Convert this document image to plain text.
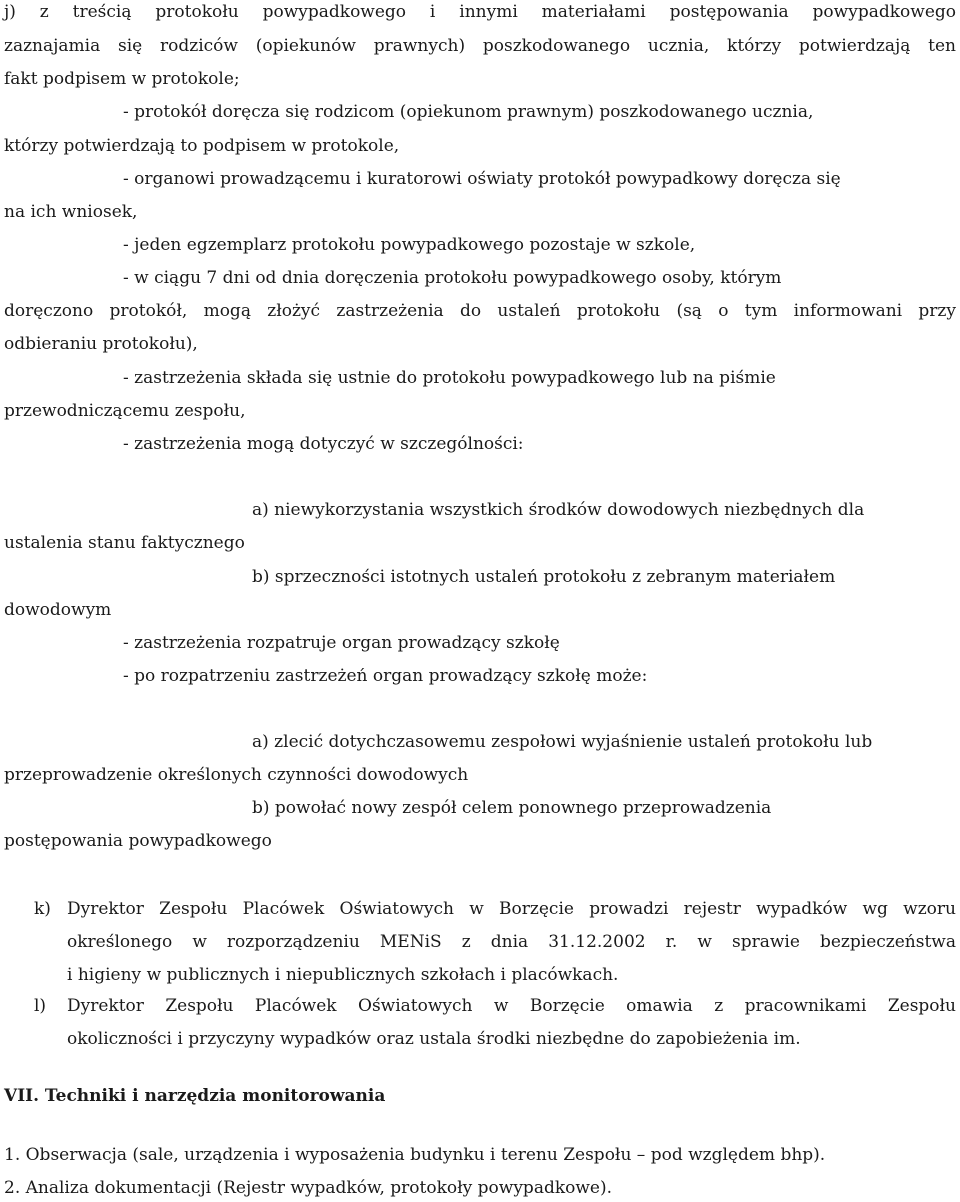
j) z treścią protokołu powypadkowego i innymi materiałami postępowania powypadkowego
zaznajamia się rodziców (opiekunów prawnych) poszkodowanego ucznia, którzy potwierdzają ten
fakt podpisem w protokole;
- protokół doręcza się rodzicom (opiekunom prawnym) poszkodowanego ucznia,
którzy potwierdzają to podpisem w protokole,
- organowi prowadzącemu i kuratorowi oświaty protokół powypadkowy doręcza się
na ich wniosek,
- jeden egzemplarz protokołu powypadkowego pozostaje w szkole,
- w ciągu 7 dni od dnia doręczenia protokołu powypadkowego osoby, którym
doręczono protokół, mogą złożyć zastrzeżenia do ustaleń protokołu (są o tym informowani przy
odbieraniu protokołu),
- zastrzeżenia składa się ustnie do protokołu powypadkowego lub na piśmie
przewodniczącemu zespołu,
- zastrzeżenia mogą dotyczyć w szczególności:
a) niewykorzystania wszystkich środków dowodowych niezbędnych dla
ustalenia stanu faktycznego
b) sprzeczności istotnych ustaleń protokołu z zebranym materiałem
dowodowym
- zastrzeżenia rozpatruje organ prowadzący szkołę
- po rozpatrzeniu zastrzeżeń organ prowadzący szkołę może:
a) zlecić dotychczasowemu zespołowi wyjaśnienie ustaleń protokołu lub
przeprowadzenie określonych czynności dowodowych
b) powołać nowy zespół celem ponownego przeprowadzenia
postępowania powypadkowego
k) Dyrektor Zespołu Placówek Oświatowych w Borzęcie prowadzi rejestr wypadków wg wzoru
określonego w rozporządzeniu MENiS z dnia 31.12.2002 r. w sprawie bezpieczeństwa
i higieny w publicznych i niepublicznych szkołach i placówkach.
l) Dyrektor Zespołu Placówek Oświatowych w Borzęcie omawia z pracownikami Zespołu
okoliczności i przyczyny wypadków oraz ustala środki niezbędne do zapobieżenia im.
VII. Techniki i narzędzia monitorowania
1. Obserwacja (sale, urządzenia i wyposażenia budynku i terenu Zespołu – pod względem bhp).
2. Analiza dokumentacji (Rejestr wypadków, protokoły powypadkowe).
